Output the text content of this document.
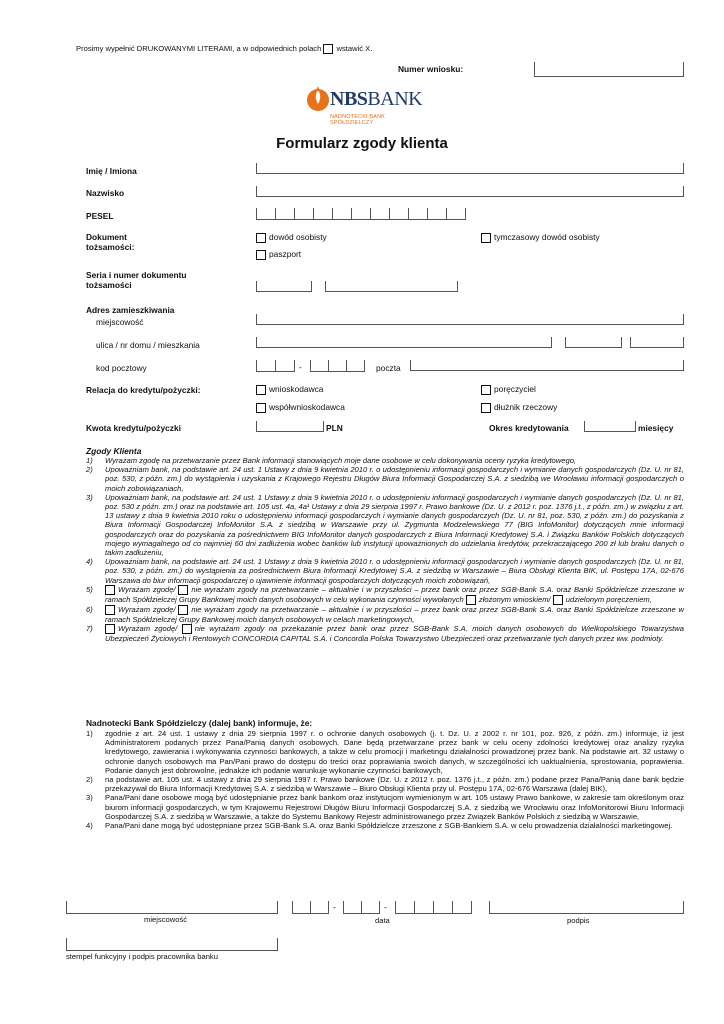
Prosimy wypełnić DRUKOWANYMI LITERAMI, a w odpowiednich polach wstawić X.
Numer wniosku:
NBSBANK
NADNOTECKI BANK SPÓŁDZIELCZY
Formularz zgody klienta
Imię / Imiona
Nazwisko
PESEL
Dokument
tożsamości:
dowód osobisty	tymczasowy dowód osobisty
paszport
Seria i numer dokumentu
tożsamości
Adres zamieszkiwania
miejscowość
ulica / nr domu / mieszkania
kod pocztowy	-	poczta
Relacja do kredytu/pożyczki:	wnioskodawca	poręczyciel
współwnioskodawca	dłużnik rzeczowy
Kwota kredytu/pożyczki	PLN	Okres kredytowania	miesięcy
Zgody Klienta
1) Wyrażam zgodę na przetwarzanie przez Bank informacji stanowiących moje dane osobowe w celu dokonywania oceny ryzyka kredytowego,
2) Upoważniam bank, na podstawie art. 24 ust. 1 Ustawy z dnia 9 kwietnia 2010 r. o udostępnieniu informacji gospodarczych i wymianie danych gospodarczych (Dz. U. nr 81, poz. 530, z późn. zm.) do wystąpienia i uzyskania z Krajowego Rejestru Długów Biura Informacji Gospodarczej S.A. z siedzibą we Wrocławiu informacji gospodarczych o moich zobowiązaniach,
3) Upoważniam bank, na podstawie art. 24 ust. 1 Ustawy z dnia 9 kwietnia 2010 r. o udostępnieniu informacji gospodarczych i wymianie danych gospodarczych (Dz. U. nr 81, poz. 530 z późn. zm.) oraz na podstawie art. 105 ust. 4a, 4a¹ Ustawy z dnia 29 sierpnia 1997 r. Prawo bankowe (Dz. U. z 2012 r. poz. 1376 j.t., z późn. zm.) w związku z art. 13 ustawy z dnia 9 kwietnia 2010 roku o udostępnieniu informacji gospodarczych i wymianie danych gospodarczych (Dz. U. nr 81, poz. 530, z późn. zm.) do pozyskania z Biura Informacji Gospodarczej InfoMonitor S.A. z siedzibą w Warszawie przy ul. Zygmunta Modzelewskiego 77 (BIG InfoMonitor) dotyczących mnie informacji gospodarczych oraz do pozyskania za pośrednictwem BIG InfoMonitor danych gospodarczych z Biura Informacji Kredytowej S.A. i Związku Banków Polskich dotyczących mojego wymagalnego od co najmniej 60 dni zadłużenia wobec banków lub instytucji upoważnionych do udzielania kredytów, przekraczającego 200 zł lub braku danych o takim zadłużeniu,
4) Upoważniam bank, na podstawie art. 24 ust. 1 Ustawy z dnia 9 kwietnia 2010 r. o udostępnieniu informacji gospodarczych i wymianie danych gospodarczych (Dz. U. nr 81, poz. 530, z późn. zm.) do wystąpienia za pośrednictwem Biura Informacji Kredytowej S.A. z siedzibą w Warszawie – Biura Obsługi Klienta BIK, ul. Postępu 17A, 02-676 Warszawa do biur informacji gospodarczej o ujawnienie informacji gospodarczych dotyczących moich zobowiązań,
5)	Wyrażam zgodę/ nie wyrażam zgody na przetwarzanie – aktualnie i w przyszłości – przez bank oraz przez SGB-Bank S.A. oraz Banki Spółdzielcze zrzeszone w ramach Spółdzielczej Grupy Bankowej moich danych osobowych w celu wykonania czynności wywołanych złożonym wnioskiem/ udzielonym poręczeniem,
6)	Wyrażam zgodę/ nie wyrażam zgody na przetwarzanie – aktualnie i w przyszłości – przez bank oraz przez SGB-Bank S.A. oraz Banki Spółdzielcze zrzeszone w ramach Spółdzielczej Grupy Bankowej moich danych osobowych w celach marketingowych,
7)	Wyrażam zgodę/ nie wyrażam zgody na przekazanie przez bank oraz przez SGB-Bank S.A. moich danych osobowych do Wielkopolskiego Towarzystwa Ubezpieczeń Życiowych i Rentowych CONCORDIA CAPITAL S.A. i Concordia Polska Towarzystwo Ubezpieczeń oraz przetwarzanie tych danych przez ww. podmioty.
Nadnotecki Bank Spółdzielczy (dalej bank) informuje, że:
1) zgodnie z art. 24 ust. 1 ustawy z dnia 29 sierpnia 1997 r. o ochronie danych osobowych (j. t. Dz. U. z 2002 r. nr 101, poz. 926, z późn. zm.) informuje, iż jest Administratorem podanych przez Pana/Panią danych osobowych. Dane będą przetwarzane przez bank w celu oceny zdolności kredytowej oraz analizy ryzyka kredytowego, zawierania i wykonywania czynności bankowych, a także w celu promocji i marketingu działalności prowadzonej przez bank. Na podstawie art. 32 ustawy o ochronie danych osobowych ma Pan/Pani prawo do dostępu do treści oraz poprawiania swoich danych, w szczególności ich uaktualnienia, sprostowania, poprawienia. Podanie danych jest dobrowolne, jednakże ich podanie warunkuje wykonanie czynności bankowych,
2) na podstawie art. 105 ust. 4 ustawy z dnia 29 sierpnia 1997 r. Prawo bankowe (Dz. U. z 2012 r. poz. 1376 j.t., z późn. zm.) podane przez Pana/Panią dane bank będzie przekazywał do Biura Informacji Kredytowej S.A. z siedzibą w Warszawie – Biuro Obsługi Klienta przy ul. Postępu 17A, 02-676 Warszawa (dalej BIK),
3) Pana/Pani dane osobowe mogą być udostępnianie przez bank bankom oraz instytucjom wymienionym w art. 105 ustawy Prawo bankowe, w zakresie tam określonym oraz biurom informacji gospodarczych, w tym Krajowemu Rejestrowi Długów Biuru Informacji Gospodarczej S.A. z siedzibą we Wrocławiu oraz InfoMonitorowi Biuru Informacji Gospodarczej S.A. z siedzibą w Warszawie, a także do Systemu Bankowy Rejestr administrowanego przez Związek Banków Polskich z siedzibą w Warszawie,
4) Pana/Pani dane mogą być udostępniane przez SGB-Bank S.A. oraz Banki Spółdzielcze zrzeszone z SGB-Bankiem S.A. w celu prowadzenia działalności marketingowej.
miejscowość
-	-
data	podpis
stempel funkcyjny i podpis pracownika banku
